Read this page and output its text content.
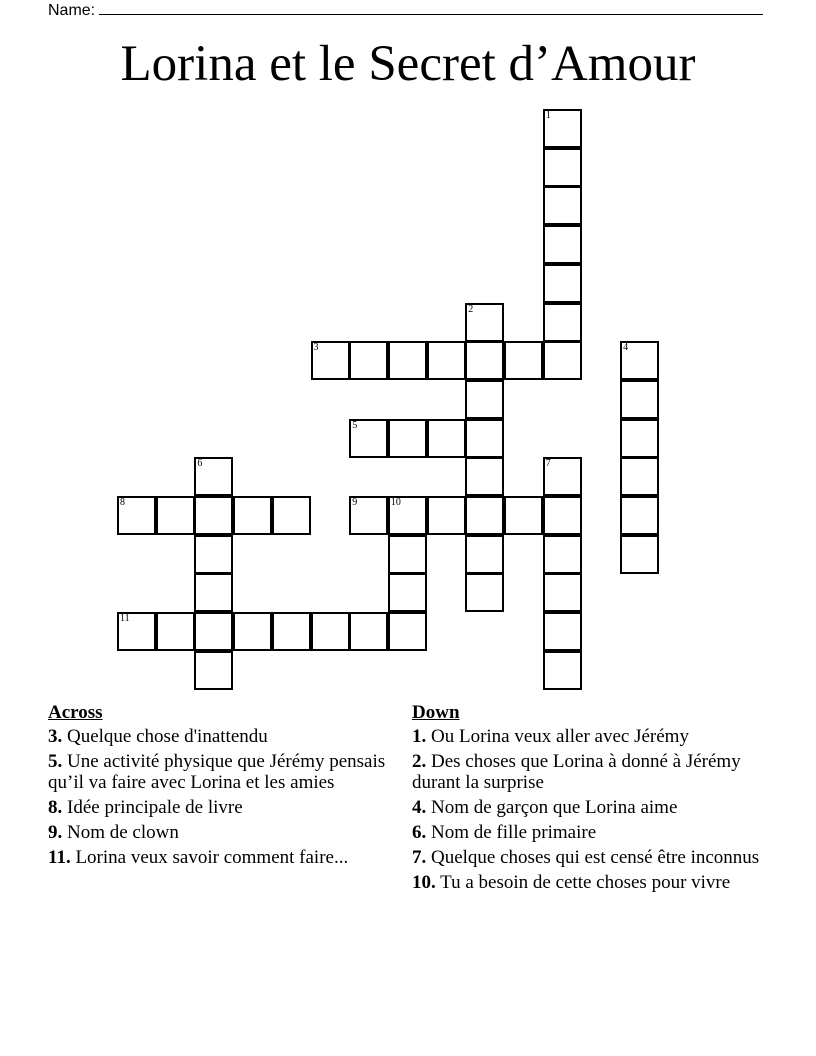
Name:
Lorina et le Secret d’Amour
1
2
3	4
5
6	7
8	9	10
11
Across
3. Quelque chose d'inattendu
5. Une activité physique que Jérémy pensais qu’il va faire avec Lorina et les amies
8. Idée principale de livre
9. Nom de clown
11. Lorina veux savoir comment faire...
Down
1. Ou Lorina veux aller avec Jérémy
2. Des choses que Lorina à donné à Jérémy durant la surprise
4. Nom de garçon que Lorina aime
6. Nom de fille primaire
7. Quelque choses qui est censé être inconnus
10. Tu a besoin de cette choses pour vivre
